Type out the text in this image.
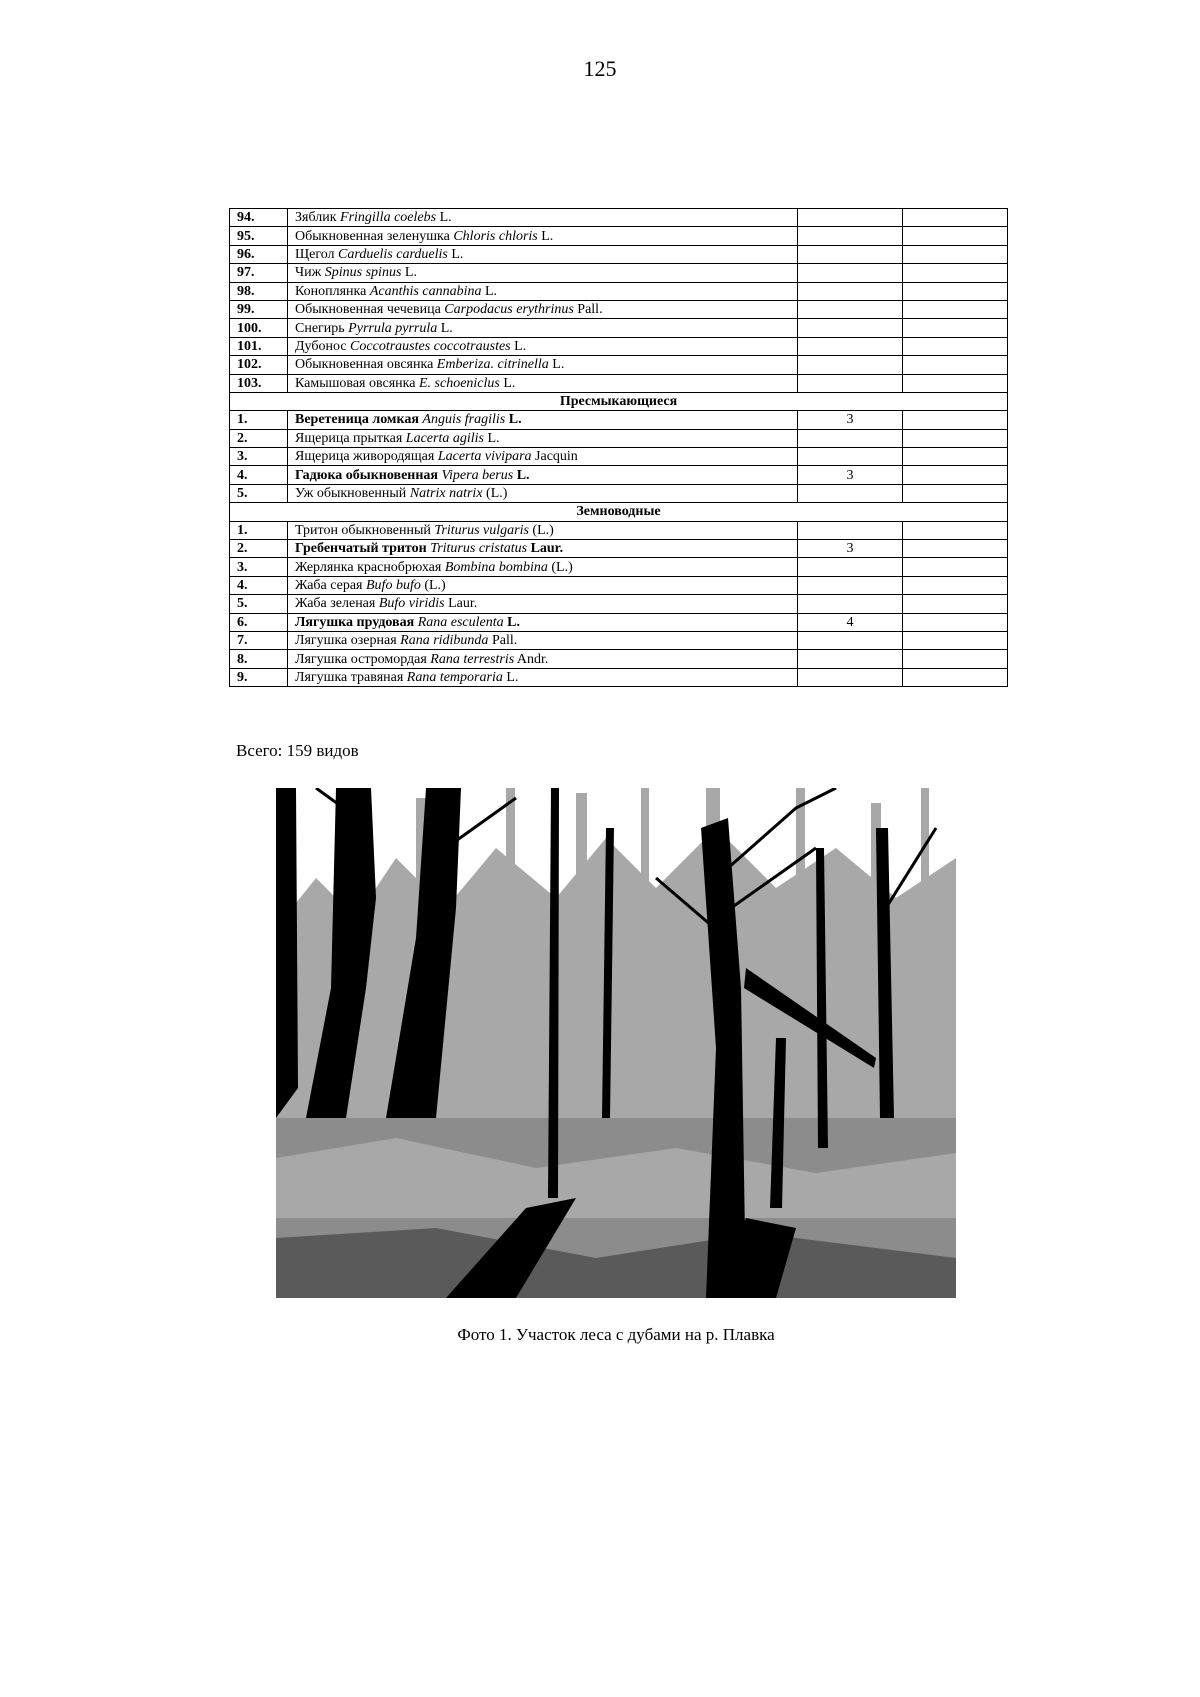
125
94.	Зяблик Fringilla coelebs L.		
95.	Обыкновенная зеленушка Chloris chloris L.		
96.	Щегол Carduelis carduelis L.		
97.	Чиж Spinus spinus L.		
98.	Коноплянка Acanthis cannabina L.		
99.	Обыкновенная чечевица Carpodacus erythrinus Pall.		
100.	Снегирь Pyrrula pyrrula L.		
101.	Дубонос Coccotraustes coccotraustes L.		
102.	Обыкновенная овсянка Emberiza. citrinella L.		
103.	Камышовая овсянка E. schoeniclus L.		
Пресмыкающиеся			
1.	Веретеница ломкая Anguis fragilis L.	3	
2.	Ящерица прыткая Lacerta agilis L.		
3.	Ящерица живородящая Lacerta vivipara Jacquin		
4.	Гадюка обыкновенная Vipera berus L.	3	
5.	Уж обыкновенный Natrix natrix (L.)		
Земноводные			
1.	Тритон обыкновенный Triturus vulgaris (L.)		
2.	Гребенчатый тритон Triturus cristatus Laur.	3	
3.	Жерлянка краснобрюхая Bombina bombina (L.)		
4.	Жаба серая Bufo bufo (L.)		
5.	Жаба зеленая Bufo viridis Laur.		
6.	Лягушка прудовая Rana esculenta L.	4	
7.	Лягушка озерная Rana ridibunda Pall.		
8.	Лягушка остромордая Rana terrestris Andr.		
9.	Лягушка травяная Rana temporaria L.		
Всего: 159 видов
Фото 1. Участок леса с дубами на р. Плавка
